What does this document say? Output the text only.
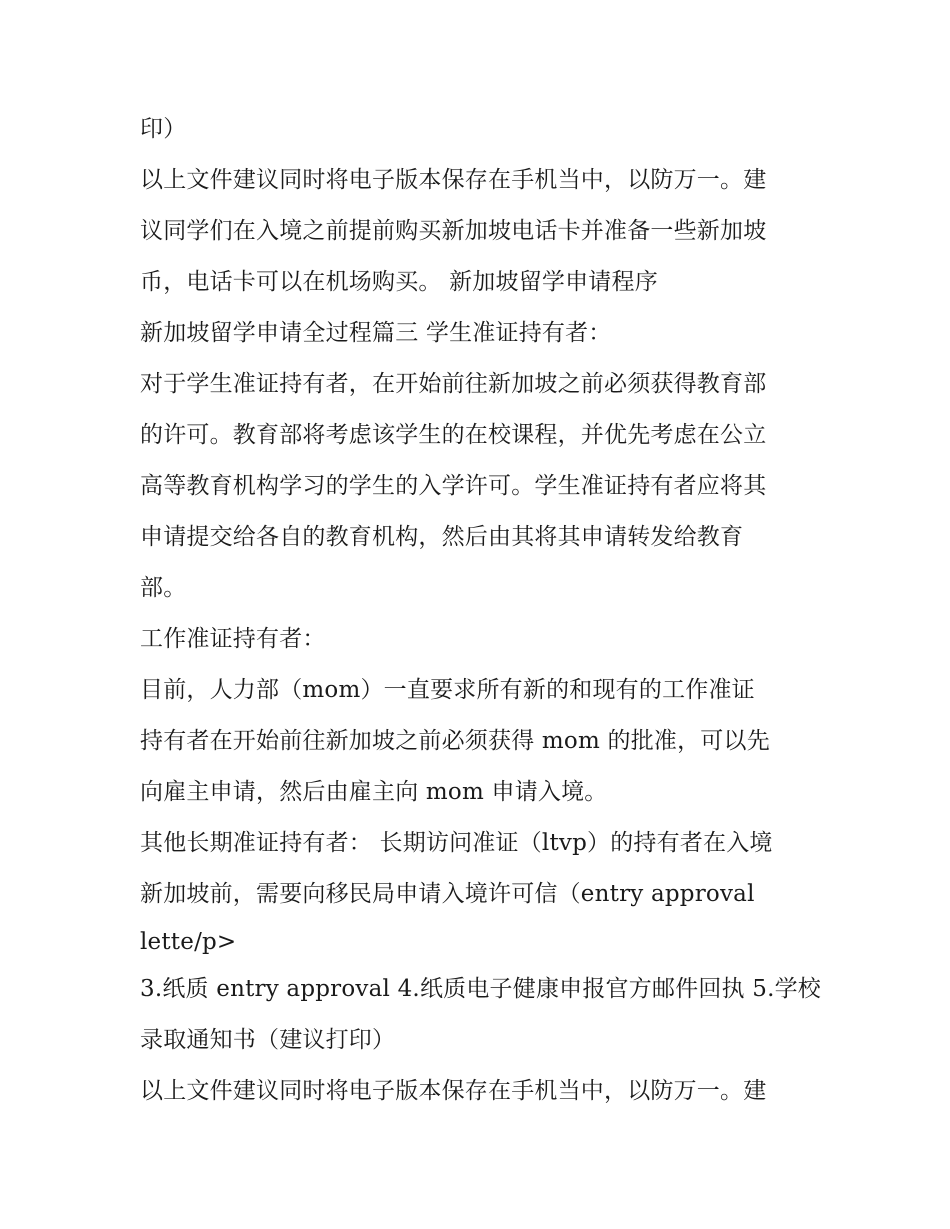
印）
以上文件建议同时将电子版本保存在手机当中，以防万一。建
议同学们在入境之前提前购买新加坡电话卡并准备一些新加坡
币，电话卡可以在机场购买。 新加坡留学申请程序
新加坡留学申请全过程篇三 学生准证持有者：
对于学生准证持有者，在开始前往新加坡之前必须获得教育部
的许可。教育部将考虑该学生的在校课程，并优先考虑在公立
高等教育机构学习的学生的入学许可。学生准证持有者应将其
申请提交给各自的教育机构，然后由其将其申请转发给教育
部。
工作准证持有者：
目前，人力部（mom）一直要求所有新的和现有的工作准证
持有者在开始前往新加坡之前必须获得 mom 的批准，可以先
向雇主申请，然后由雇主向 mom 申请入境。
其他长期准证持有者： 长期访问准证（ltvp）的持有者在入境
新加坡前，需要向移民局申请入境许可信（entry approval
lette/p>
3.纸质 entry approval 4.纸质电子健康申报官方邮件回执 5.学校
录取通知书（建议打印）
以上文件建议同时将电子版本保存在手机当中，以防万一。建
